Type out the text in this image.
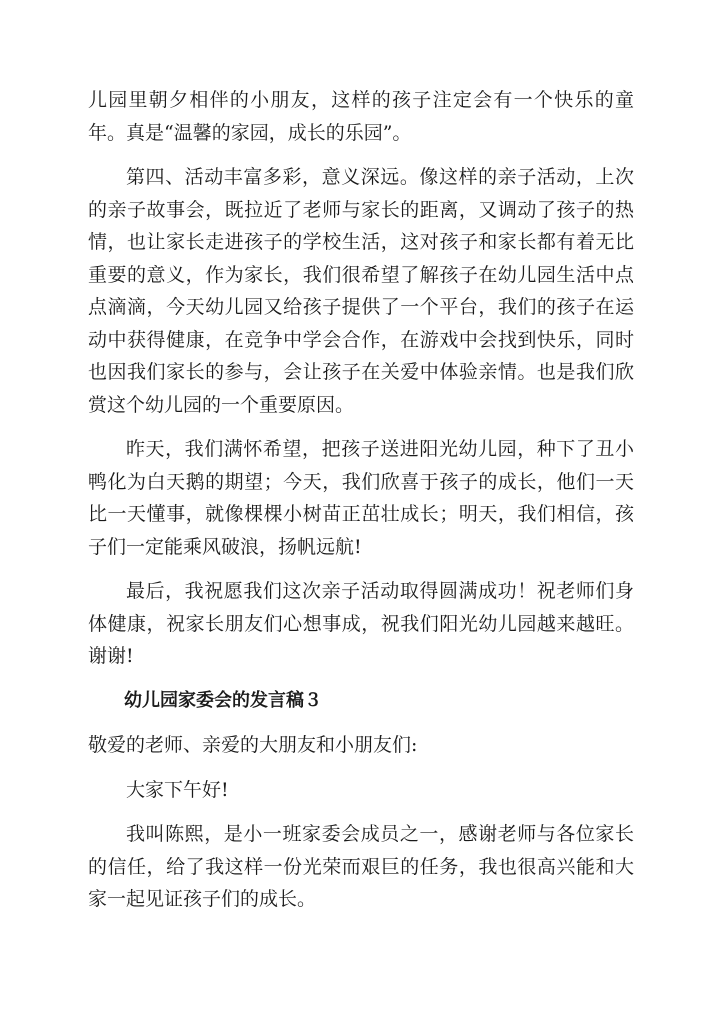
儿园里朝夕相伴的小朋友，这样的孩子注定会有一个快乐的童年。真是“温馨的家园，成长的乐园”。

第四、活动丰富多彩，意义深远。像这样的亲子活动，上次的亲子故事会，既拉近了老师与家长的距离，又调动了孩子的热情，也让家长走进孩子的学校生活，这对孩子和家长都有着无比重要的意义，作为家长，我们很希望了解孩子在幼儿园生活中点点滴滴，今天幼儿园又给孩子提供了一个平台，我们的孩子在运动中获得健康，在竞争中学会合作，在游戏中会找到快乐，同时也因我们家长的参与，会让孩子在关爱中体验亲情。也是我们欣赏这个幼儿园的一个重要原因。

昨天，我们满怀希望，把孩子送进阳光幼儿园，种下了丑小鸭化为白天鹅的期望；今天，我们欣喜于孩子的成长，他们一天比一天懂事，就像棵棵小树苗正茁壮成长；明天，我们相信，孩子们一定能乘风破浪，扬帆远航!

最后，我祝愿我们这次亲子活动取得圆满成功！祝老师们身体健康，祝家长朋友们心想事成，祝我们阳光幼儿园越来越旺。谢谢!

幼儿园家委会的发言稿３

敬爱的老师、亲爱的大朋友和小朋友们:

大家下午好!

我叫陈熙，是小一班家委会成员之一，感谢老师与各位家长的信任，给了我这样一份光荣而艰巨的任务，我也很高兴能和大家一起见证孩子们的成长。
